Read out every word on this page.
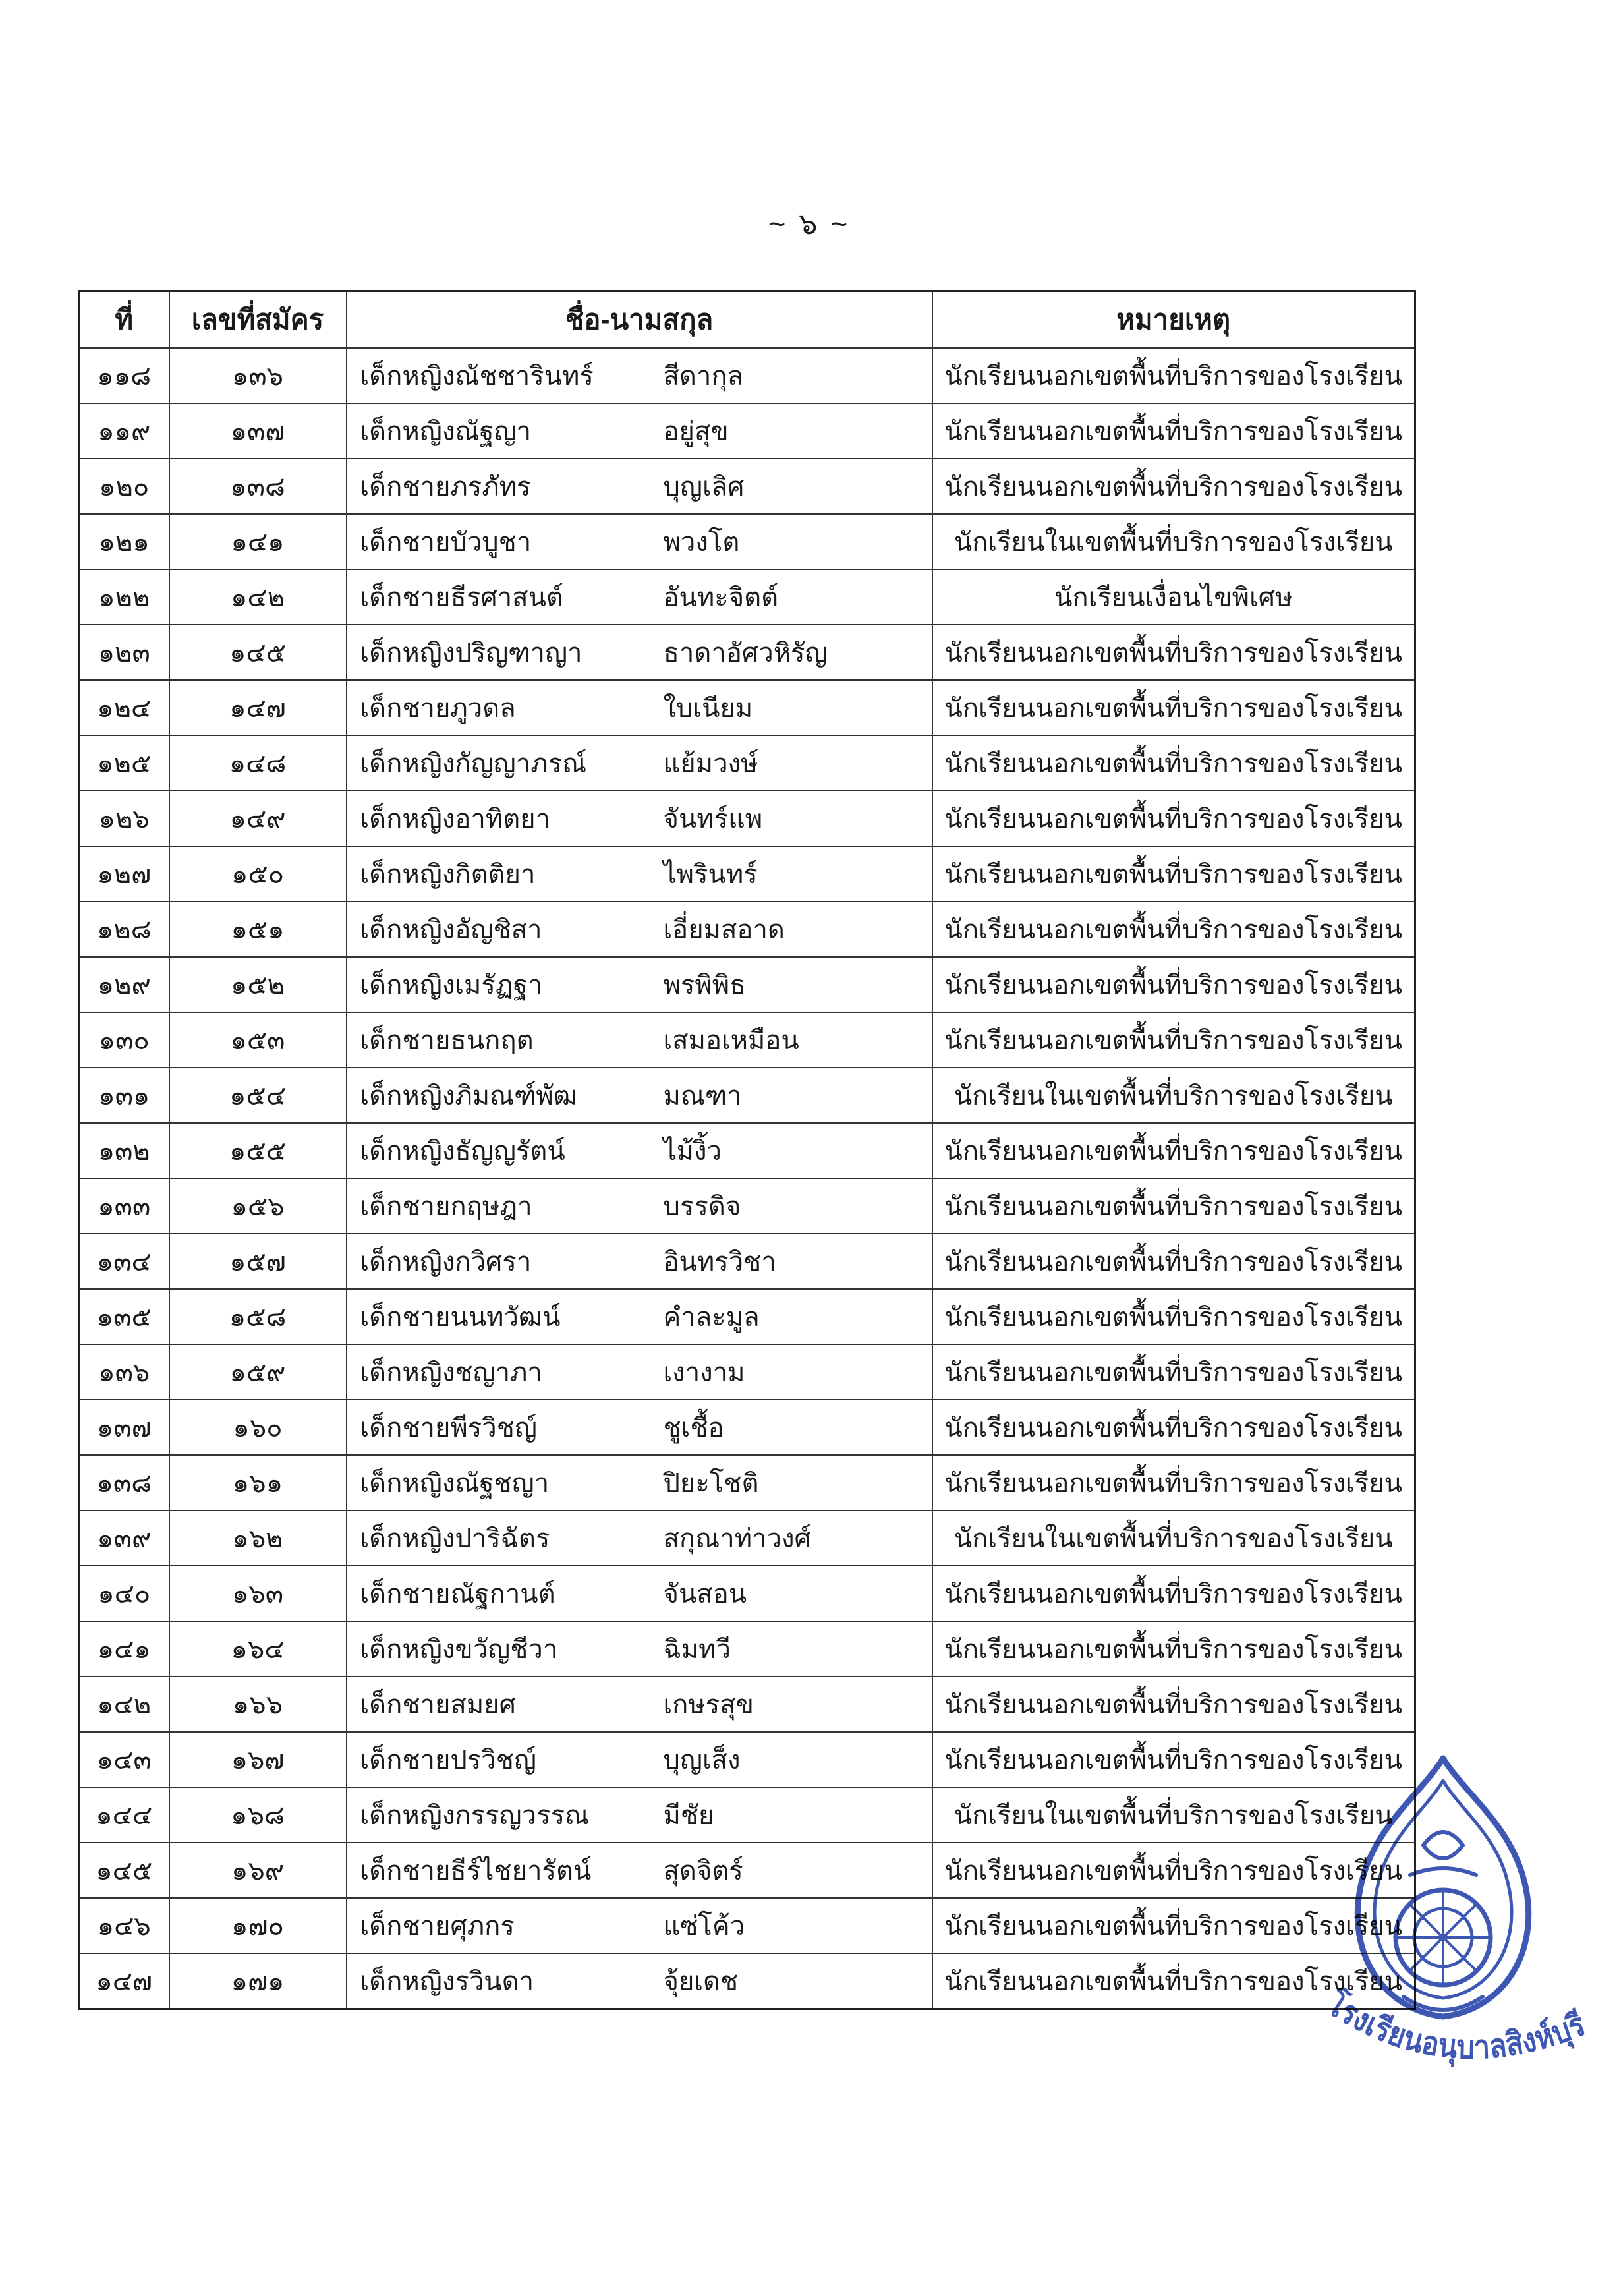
~ ๖ ~
ที่	เลขที่สมัคร	ชื่อ-นามสกุล	หมายเหตุ
๑๑๘	๑๓๖	เด็กหญิงณัชชารินทร์ สีดากุล	นักเรียนนอกเขตพื้นที่บริการของโรงเรียน
๑๑๙	๑๓๗	เด็กหญิงณัฐญา อยู่สุข	นักเรียนนอกเขตพื้นที่บริการของโรงเรียน
๑๒๐	๑๓๘	เด็กชายภรภัทร บุญเลิศ	นักเรียนนอกเขตพื้นที่บริการของโรงเรียน
๑๒๑	๑๔๑	เด็กชายบัวบูชา พวงโต	นักเรียนในเขตพื้นที่บริการของโรงเรียน
๑๒๒	๑๔๒	เด็กชายธีรศาสนต์ อันทะจิตต์	นักเรียนเงื่อนไขพิเศษ
๑๒๓	๑๔๕	เด็กหญิงปริญฑาญา ธาดาอัศวหิรัญ	นักเรียนนอกเขตพื้นที่บริการของโรงเรียน
๑๒๔	๑๔๗	เด็กชายภูวดล ใบเนียม	นักเรียนนอกเขตพื้นที่บริการของโรงเรียน
๑๒๕	๑๔๘	เด็กหญิงกัญญาภรณ์ แย้มวงษ์	นักเรียนนอกเขตพื้นที่บริการของโรงเรียน
๑๒๖	๑๔๙	เด็กหญิงอาทิตยา จันทร์แพ	นักเรียนนอกเขตพื้นที่บริการของโรงเรียน
๑๒๗	๑๕๐	เด็กหญิงกิตติยา ไพรินทร์	นักเรียนนอกเขตพื้นที่บริการของโรงเรียน
๑๒๘	๑๕๑	เด็กหญิงอัญชิสา เอี่ยมสอาด	นักเรียนนอกเขตพื้นที่บริการของโรงเรียน
๑๒๙	๑๕๒	เด็กหญิงเมรัฏฐา พรพิพิธ	นักเรียนนอกเขตพื้นที่บริการของโรงเรียน
๑๓๐	๑๕๓	เด็กชายธนกฤต เสมอเหมือน	นักเรียนนอกเขตพื้นที่บริการของโรงเรียน
๑๓๑	๑๕๔	เด็กหญิงภิมณฑ์พัฒ มณฑา	นักเรียนในเขตพื้นที่บริการของโรงเรียน
๑๓๒	๑๕๕	เด็กหญิงธัญญรัตน์ ไม้งิ้ว	นักเรียนนอกเขตพื้นที่บริการของโรงเรียน
๑๓๓	๑๕๖	เด็กชายกฤษฎา บรรดิจ	นักเรียนนอกเขตพื้นที่บริการของโรงเรียน
๑๓๔	๑๕๗	เด็กหญิงกวิศรา อินทรวิชา	นักเรียนนอกเขตพื้นที่บริการของโรงเรียน
๑๓๕	๑๕๘	เด็กชายนนทวัฒน์ คำละมูล	นักเรียนนอกเขตพื้นที่บริการของโรงเรียน
๑๓๖	๑๕๙	เด็กหญิงชญาภา เงางาม	นักเรียนนอกเขตพื้นที่บริการของโรงเรียน
๑๓๗	๑๖๐	เด็กชายพีรวิชญ์ ชูเชื้อ	นักเรียนนอกเขตพื้นที่บริการของโรงเรียน
๑๓๘	๑๖๑	เด็กหญิงณัฐชญา ปิยะโชติ	นักเรียนนอกเขตพื้นที่บริการของโรงเรียน
๑๓๙	๑๖๒	เด็กหญิงปาริฉัตร สกุณาท่าวงศ์	นักเรียนในเขตพื้นที่บริการของโรงเรียน
๑๔๐	๑๖๓	เด็กชายณัฐกานต์ จันสอน	นักเรียนนอกเขตพื้นที่บริการของโรงเรียน
๑๔๑	๑๖๔	เด็กหญิงขวัญชีวา ฉิมทวี	นักเรียนนอกเขตพื้นที่บริการของโรงเรียน
๑๔๒	๑๖๖	เด็กชายสมยศ เกษรสุข	นักเรียนนอกเขตพื้นที่บริการของโรงเรียน
๑๔๓	๑๖๗	เด็กชายปรวิชญ์ บุญเส็ง	นักเรียนนอกเขตพื้นที่บริการของโรงเรียน
๑๔๔	๑๖๘	เด็กหญิงกรรญวรรณ มีชัย	นักเรียนในเขตพื้นที่บริการของโรงเรียน
๑๔๕	๑๖๙	เด็กชายธีร์ไชยารัตน์ สุดจิตร์	นักเรียนนอกเขตพื้นที่บริการของโรงเรียน
๑๔๖	๑๗๐	เด็กชายศุภกร แซ่โค้ว	นักเรียนนอกเขตพื้นที่บริการของโรงเรียน
๑๔๗	๑๗๑	เด็กหญิงรวินดา จุ้ยเดช	นักเรียนนอกเขตพื้นที่บริการของโรงเรียน
โรงเรียนอนุบาลสิงห์บุรี
